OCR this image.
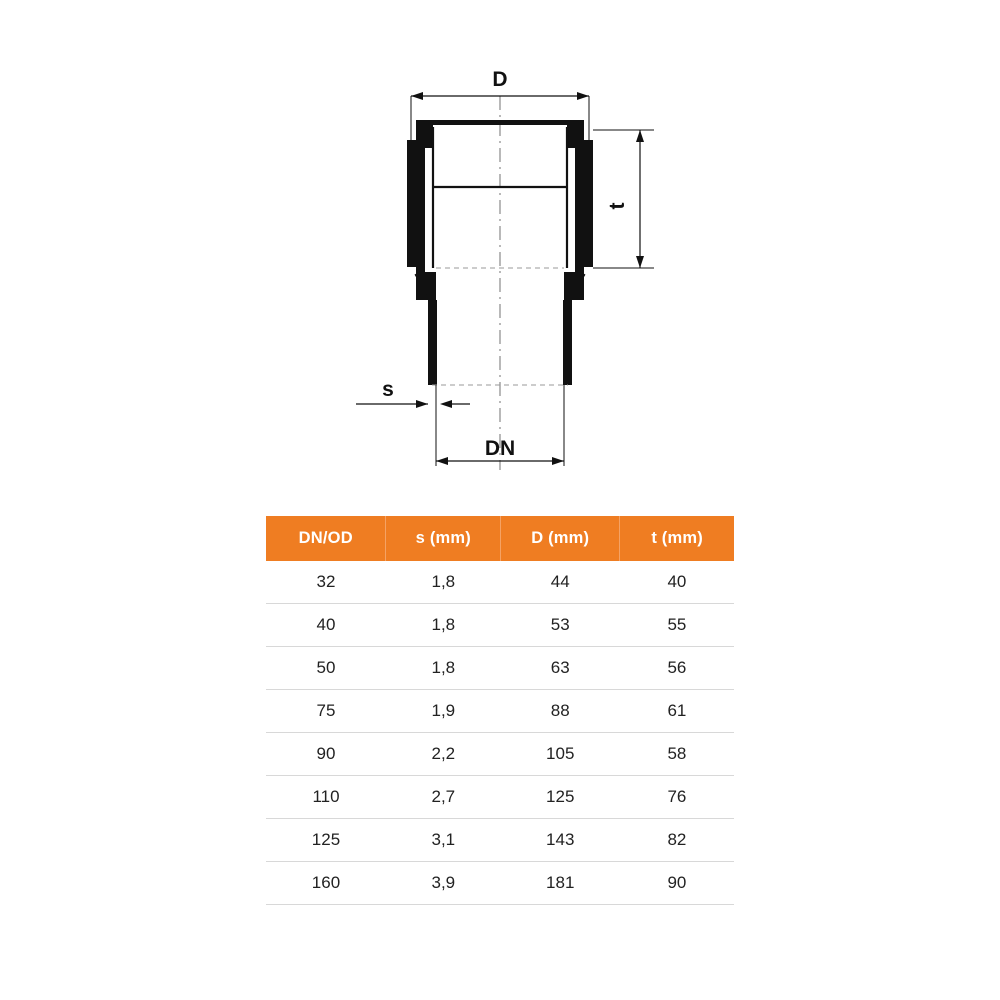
D
t
s
DN
DN/OD	s (mm)	D (mm)	t (mm)
32	1,8	44	40
40	1,8	53	55
50	1,8	63	56
75	1,9	88	61
90	2,2	105	58
110	2,7	125	76
125	3,1	143	82
160	3,9	181	90
